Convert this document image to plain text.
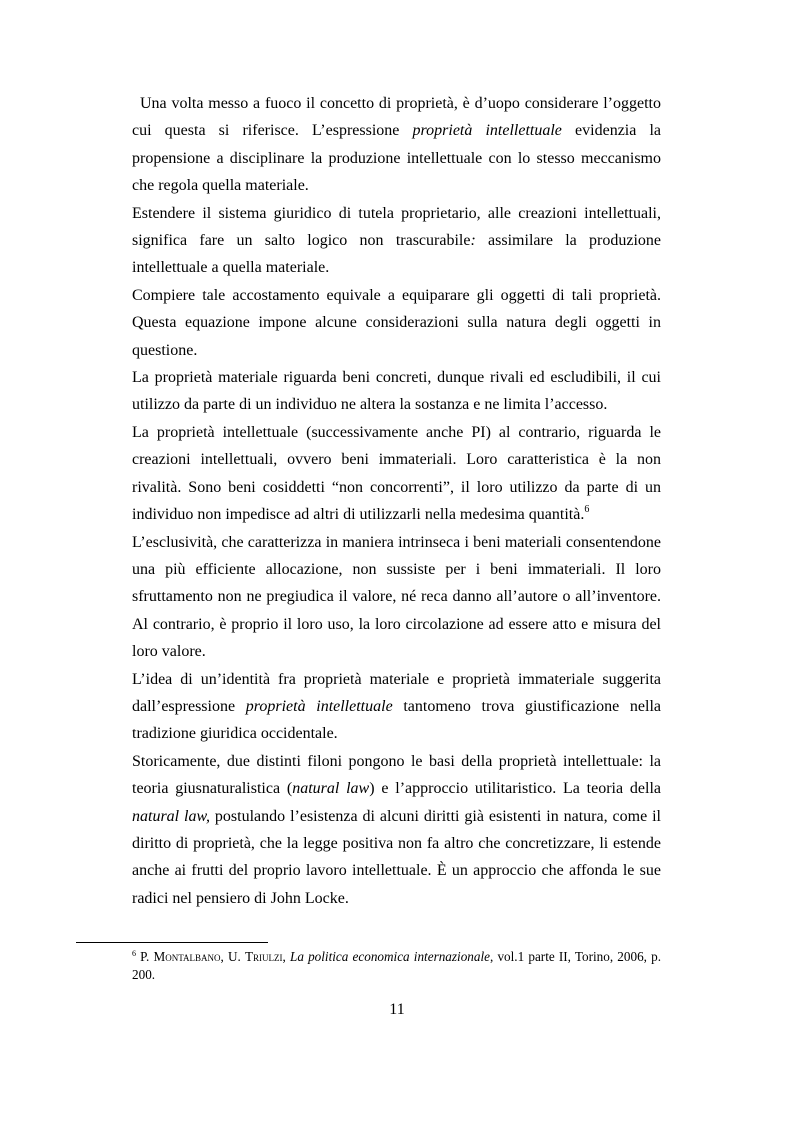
Una volta messo a fuoco il concetto di proprietà, è d’uopo considerare l’oggetto cui questa si riferisce. L’espressione proprietà intellettuale evidenzia la propensione a disciplinare la produzione intellettuale con lo stesso meccanismo che regola quella materiale.

Estendere il sistema giuridico di tutela proprietario, alle creazioni intellettuali, significa fare un salto logico non trascurabile: assimilare la produzione intellettuale a quella materiale.

Compiere tale accostamento equivale a equiparare gli oggetti di tali proprietà. Questa equazione impone alcune considerazioni sulla natura degli oggetti in questione.

La proprietà materiale riguarda beni concreti, dunque rivali ed escludibili, il cui utilizzo da parte di un individuo ne altera la sostanza e ne limita l’accesso.

La proprietà intellettuale (successivamente anche PI) al contrario, riguarda le creazioni intellettuali, ovvero beni immateriali. Loro caratteristica è la non rivalità. Sono beni cosiddetti “non concorrenti”, il loro utilizzo da parte di un individuo non impedisce ad altri di utilizzarli nella medesima quantità.$^6$

L’esclusività, che caratterizza in maniera intrinseca i beni materiali consentendone una più efficiente allocazione, non sussiste per i beni immateriali. Il loro sfruttamento non ne pregiudica il valore, né reca danno all’autore o all’inventore. Al contrario, è proprio il loro uso, la loro circolazione ad essere atto e misura del loro valore.

L’idea di un’identità fra proprietà materiale e proprietà immateriale suggerita dall’espressione proprietà intellettuale tantomeno trova giustificazione nella tradizione giuridica occidentale.

Storicamente, due distinti filoni pongono le basi della proprietà intellettuale: la teoria giusnaturalistica (natural law) e l’approccio utilitaristico. La teoria della natural law, postulando l’esistenza di alcuni diritti già esistenti in natura, come il diritto di proprietà, che la legge positiva non fa altro che concretizzare, li estende anche ai frutti del proprio lavoro intellettuale. È un approccio che affonda le sue radici nel pensiero di John Locke.

$^6$ P. Montalbano, U. Triulzi, La politica economica internazionale, vol.1 parte II, Torino, 2006, p. 200.

11
